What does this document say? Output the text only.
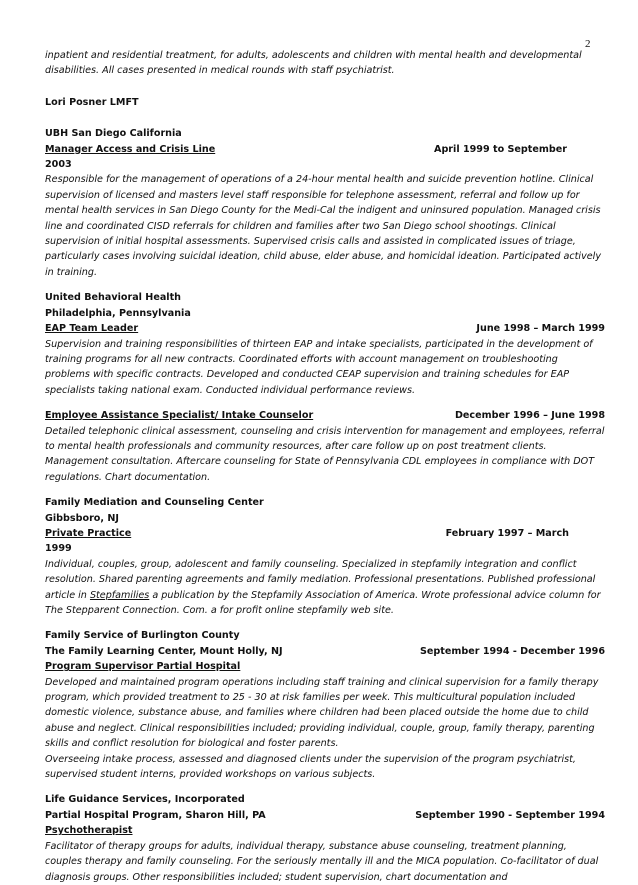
2

inpatient and residential treatment, for adults, adolescents and children with mental health and developmental disabilities. All cases presented in medical rounds with staff psychiatrist.

Lori Posner LMFT

UBH San Diego California

Manager Access and Crisis Line	April 1999 to September

2003

Responsible for the management of operations of a 24-hour mental health and suicide prevention hotline. Clinical supervision of licensed and masters level staff responsible for telephone assessment, referral and follow up for mental health services in San Diego County for the Medi-Cal the indigent and uninsured population. Managed crisis line and coordinated CISD referrals for children and families after two San Diego school shootings. Clinical supervision of initial hospital assessments. Supervised crisis calls and assisted in complicated issues of triage, particularly cases involving suicidal ideation, child abuse, elder abuse, and homicidal ideation. Participated actively in training.

United Behavioral Health

Philadelphia, Pennsylvania

EAP Team Leader	June 1998 – March 1999

Supervision and training responsibilities of thirteen EAP and intake specialists, participated in the development of training programs for all new contracts. Coordinated efforts with account management on troubleshooting problems with specific contracts. Developed and conducted CEAP supervision and training schedules for EAP specialists taking national exam. Conducted individual performance reviews.

Employee Assistance Specialist/ Intake Counselor	December 1996 – June 1998

Detailed telephonic clinical assessment, counseling and crisis intervention for management and employees, referral to mental health professionals and community resources, after care follow up on post treatment clients. Management consultation. Aftercare counseling for State of Pennsylvania CDL employees in compliance with DOT regulations. Chart documentation.

Family Mediation and Counseling Center

Gibbsboro, NJ

Private Practice	February 1997 – March

1999

Individual, couples, group, adolescent and family counseling. Specialized in stepfamily integration and conflict resolution. Shared parenting agreements and family mediation. Professional presentations. Published professional article in Stepfamilies a publication by the Stepfamily Association of America. Wrote professional advice column for The Stepparent Connection. Com. a for profit online stepfamily web site.

Family Service of Burlington County

The Family Learning Center, Mount Holly, NJ	September 1994 - December 1996

Program Supervisor Partial Hospital

Developed and maintained program operations including staff training and clinical supervision for a family therapy program, which provided treatment to 25 - 30 at risk families per week. This multicultural population included domestic violence, substance abuse, and families where children had been placed outside the home due to child abuse and neglect. Clinical responsibilities included; providing individual, couple, group, family therapy, parenting skills and conflict resolution for biological and foster parents.

Overseeing intake process, assessed and diagnosed clients under the supervision of the program psychiatrist, supervised student interns, provided workshops on various subjects.

Life Guidance Services, Incorporated

Partial Hospital Program, Sharon Hill, PA	September 1990 - September 1994

Psychotherapist

Facilitator of therapy groups for adults, individual therapy, substance abuse counseling, treatment planning, couples therapy and family counseling. For the seriously mentally ill and the MICA population. Co-facilitator of dual diagnosis groups. Other responsibilities included; student supervision, chart documentation and
